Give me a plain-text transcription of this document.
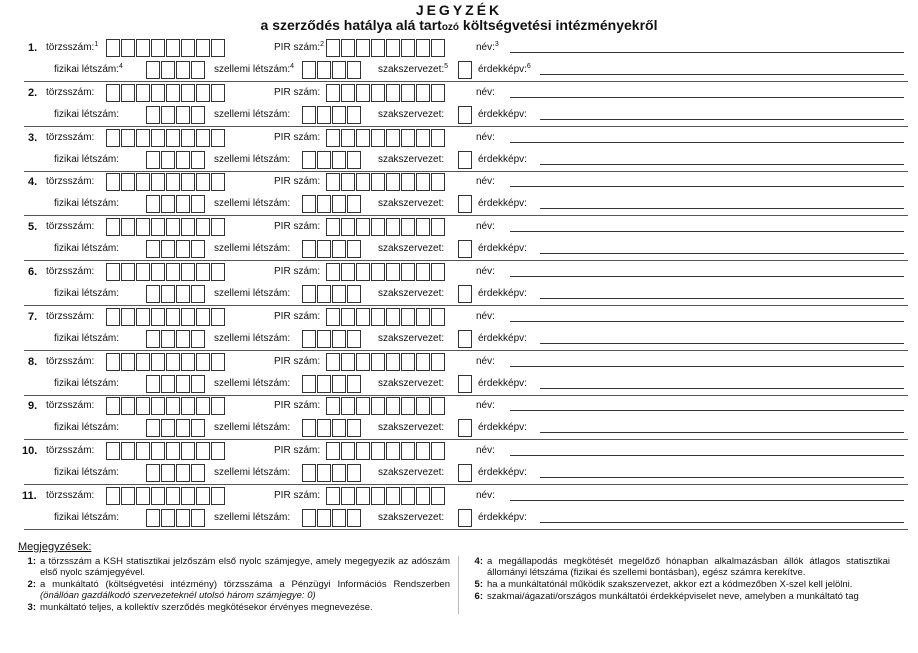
JEGYZÉK
a szerződés hatálya alá tartozó költségvetési intézményekről
1. törzsszám:$^1$	PIR szám:$^2$	név:$^3$
fizikai létszám:$^4$	szellemi létszám:$^4$	szakszervezet:$^5$	érdekképv:$^6$
2. törzsszám:	PIR szám:	név:
fizikai létszám:	szellemi létszám:	szakszervezet:	érdekképv:
3. törzsszám:	PIR szám:	név:
fizikai létszám:	szellemi létszám:	szakszervezet:	érdekképv:
4. törzsszám:	PIR szám:	név:
fizikai létszám:	szellemi létszám:	szakszervezet:	érdekképv:
5. törzsszám:	PIR szám:	név:
fizikai létszám:	szellemi létszám:	szakszervezet:	érdekképv:
6. törzsszám:	PIR szám:	név:
fizikai létszám:	szellemi létszám:	szakszervezet:	érdekképv:
7. törzsszám:	PIR szám:	név:
fizikai létszám:	szellemi létszám:	szakszervezet:	érdekképv:
8. törzsszám:	PIR szám:	név:
fizikai létszám:	szellemi létszám:	szakszervezet:	érdekképv:
9. törzsszám:	PIR szám:	név:
fizikai létszám:	szellemi létszám:	szakszervezet:	érdekképv:
10. törzsszám:	PIR szám:	név:
fizikai létszám:	szellemi létszám:	szakszervezet:	érdekképv:
11. törzsszám:	PIR szám:	név:
fizikai létszám:	szellemi létszám:	szakszervezet:	érdekképv:
Megjegyzések:
1: a törzsszám a KSH statisztikai jelzőszám első nyolc számjegye, amely megegyezik az adószám első nyolc számjegyével.
2: a munkáltató (költségvetési intézmény) törzsszáma a Pénzügyi Információs Rendszerben (önállóan gazdálkodó szervezeteknél utolsó három számjegye: 0)
3: munkáltató teljes, a kollektív szerződés megkötésekor érvényes megnevezése.
4: a megállapodás megkötését megelőző hónapban alkalmazásban állók átlagos statisztikai állományi létszáma (fizikai és szellemi bontásban), egész számra kerekítve.
5: ha a munkáltatónál működik szakszervezet, akkor ezt a kódmezőben X-szel kell jelölni.
6: szakmai/ágazati/országos munkáltatói érdekképviselet neve, amelyben a munkáltató tag
